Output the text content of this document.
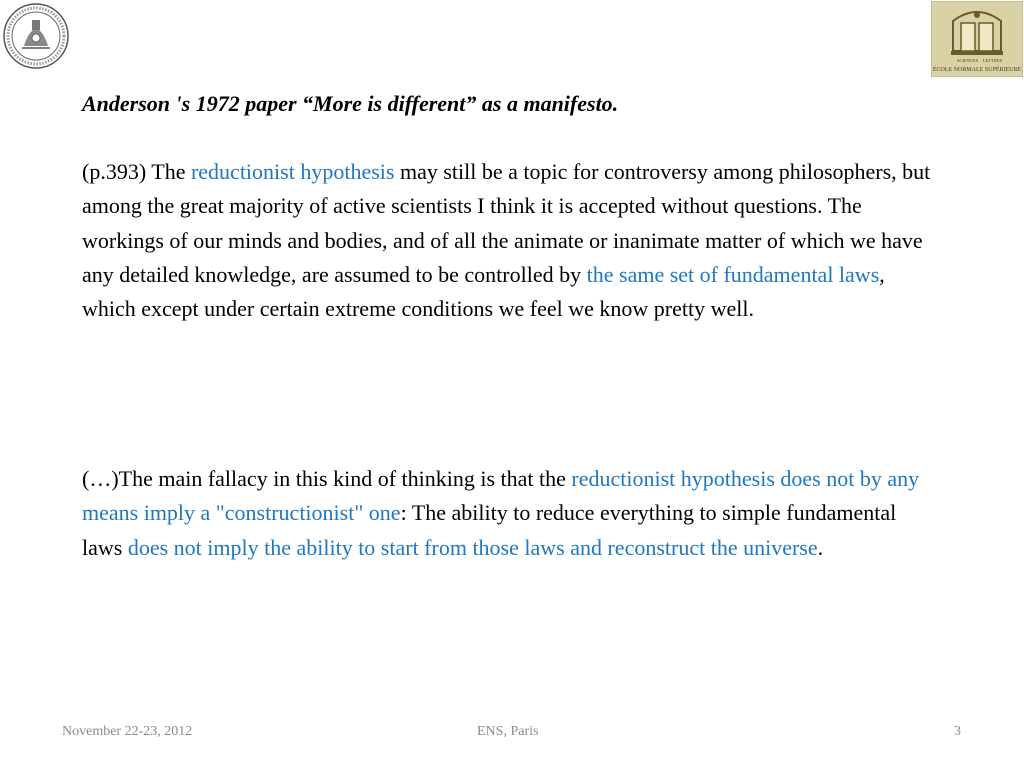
SCIENCES LETTRES
ÉCOLE NORMALE SUPÉRIEURE
Anderson 's 1972 paper “More is different” as a manifesto.

(p.393) The reductionist hypothesis may still be a topic for controversy among philosophers, but among the great majority of active scientists I think it is accepted without questions. The workings of our minds and bodies, and of all the animate or inanimate matter of which we have any detailed knowledge, are assumed to be controlled by the same set of fundamental laws, which except under certain extreme conditions we feel we know pretty well.

(…)The main fallacy in this kind of thinking is that the reductionist hypothesis does not by any means imply a "constructionist" one: The ability to reduce everything to simple fundamental laws does not imply the ability to start from those laws and reconstruct the universe.

November 22-23, 2012	ENS, Paris	3
